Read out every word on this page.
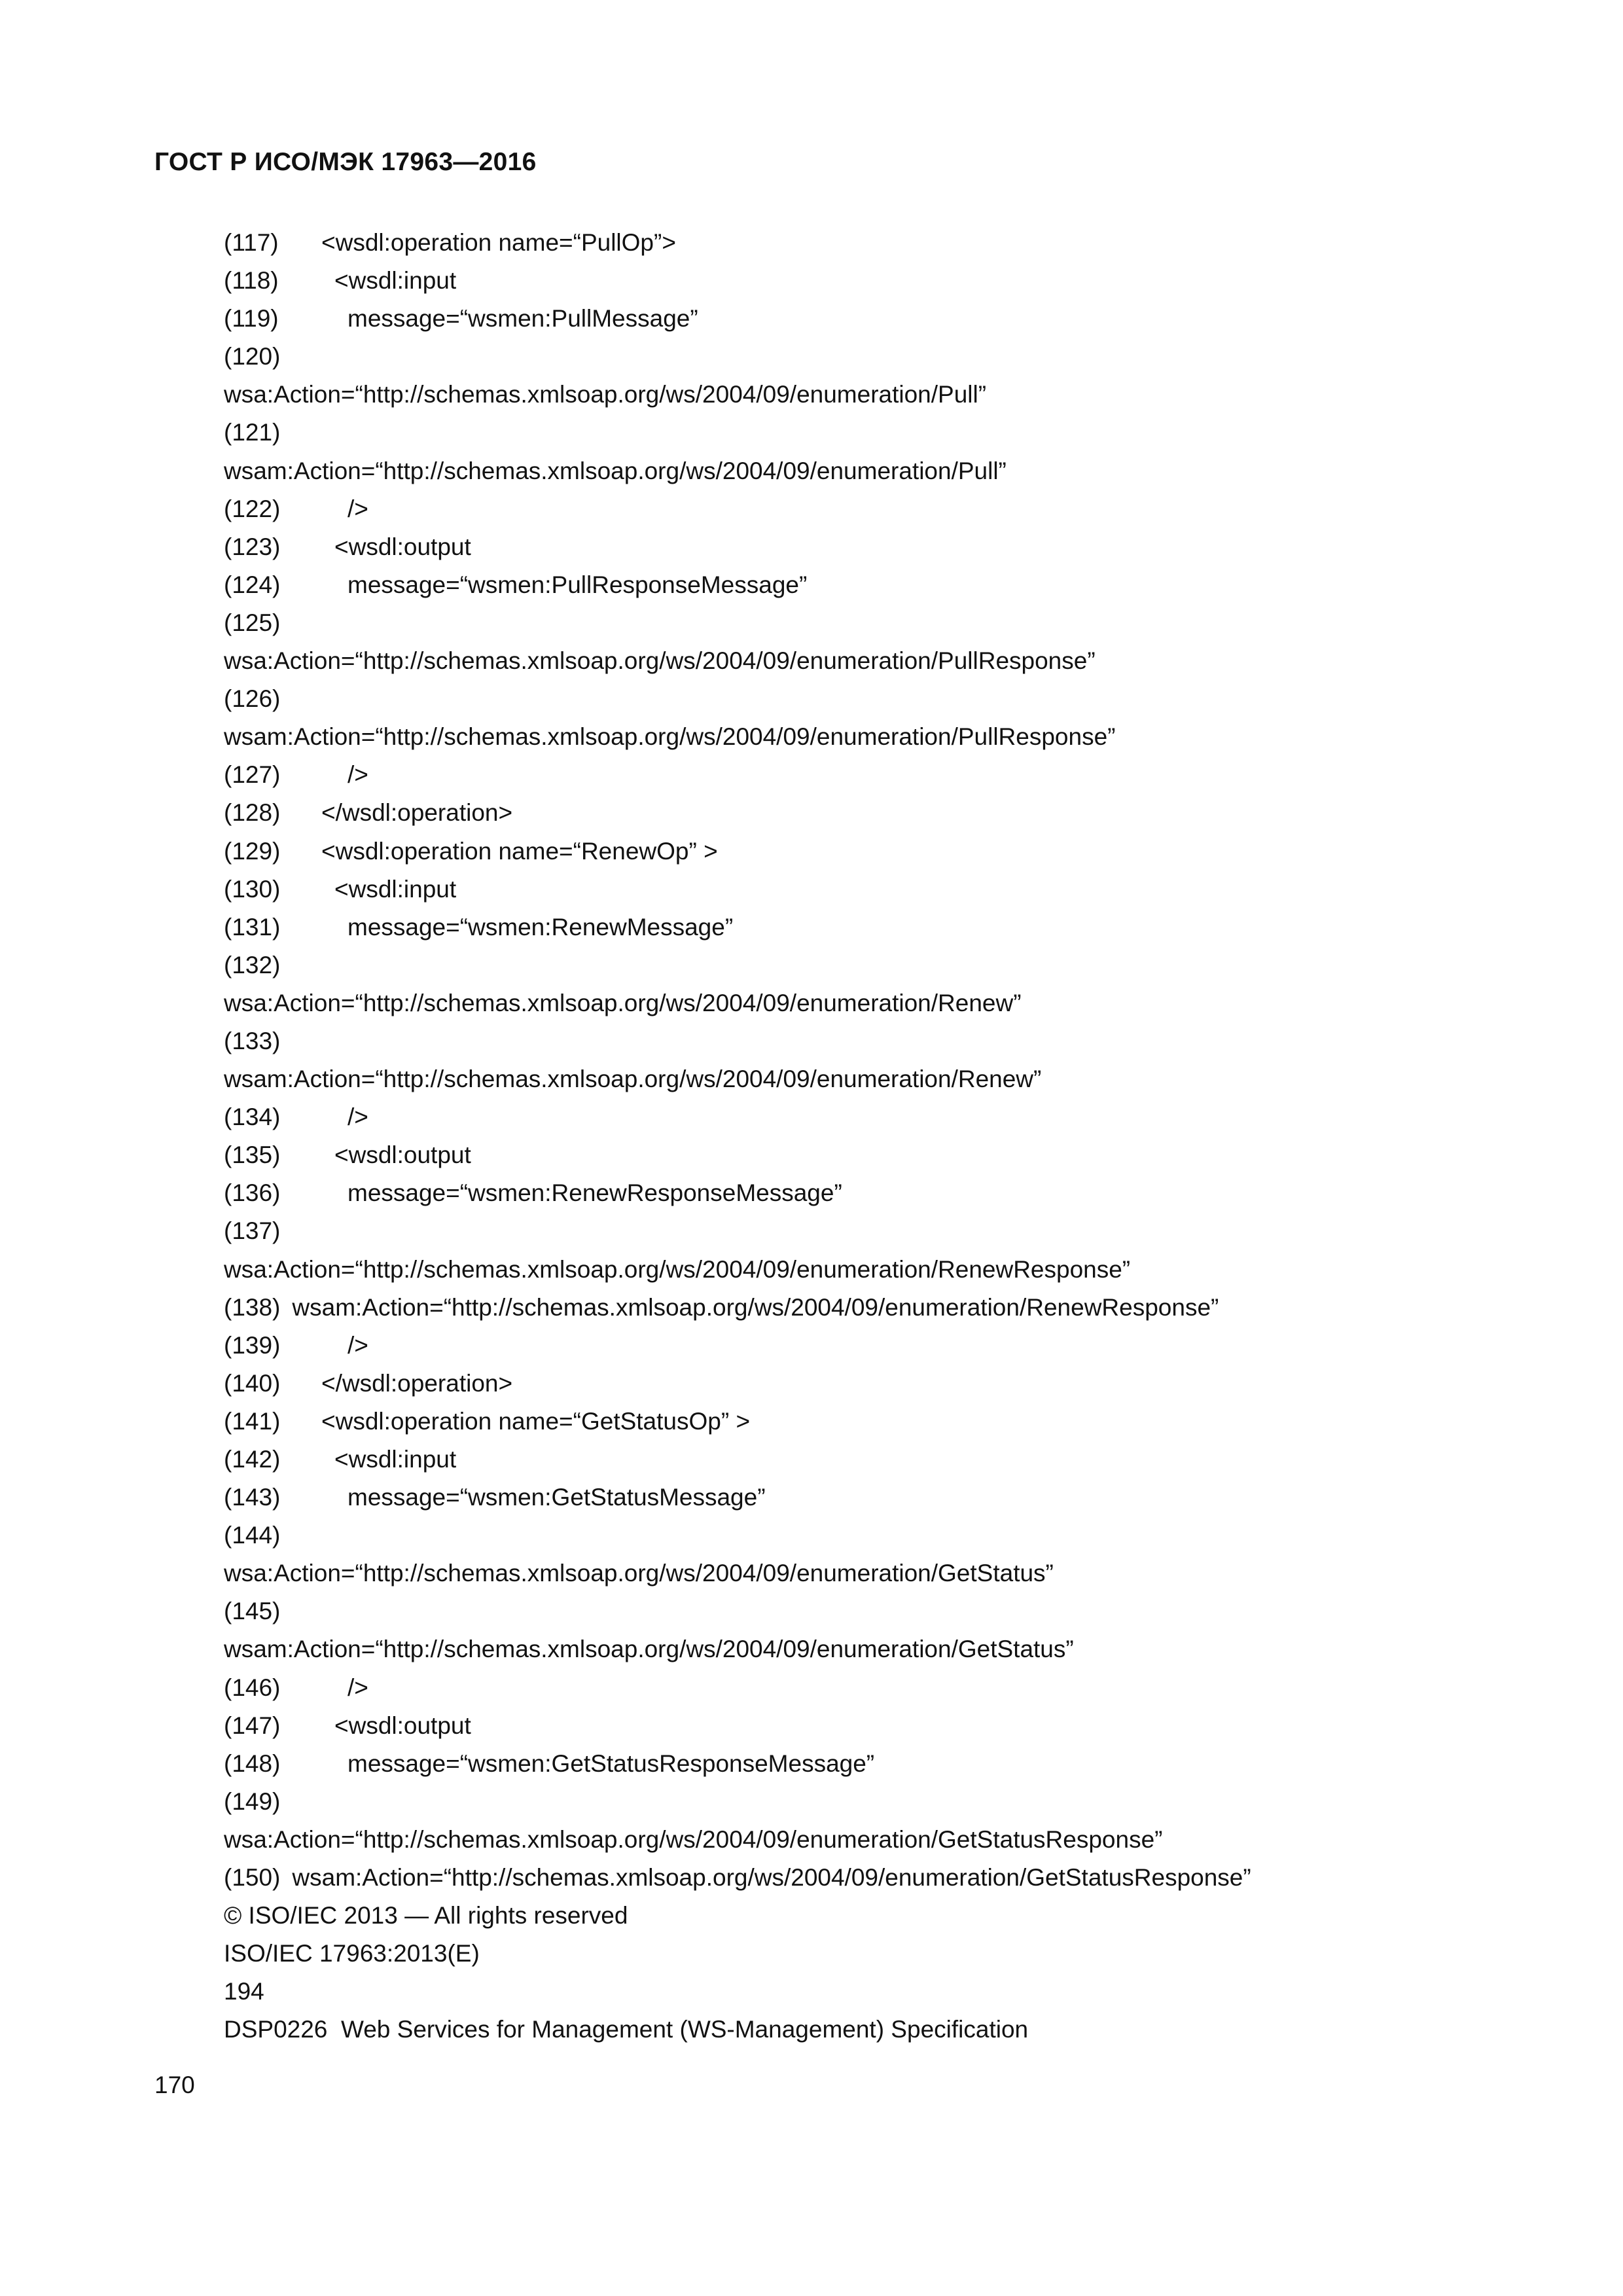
ГОСТ Р ИСО/МЭК 17963—2016
(117) <wsdl:operation name=“PullOp”>
(118) <wsdl:input
(119)	message=“wsmen:PullMessage”
(120)
wsa:Action=“http://schemas.xmlsoap.org/ws/2004/09/enumeration/Pull”
(121)
wsam:Action=“http://schemas.xmlsoap.org/ws/2004/09/enumeration/Pull”
(122)	/>
(123) <wsdl:output
(124)	message=“wsmen:PullResponseMessage”
(125)
wsa:Action=“http://schemas.xmlsoap.org/ws/2004/09/enumeration/PullResponse”
(126)
wsam:Action=“http://schemas.xmlsoap.org/ws/2004/09/enumeration/PullResponse”
(127)	/>
(128) </wsdl:operation>
(129) <wsdl:operation name=“RenewOp” >
(130) <wsdl:input
(131)	message=“wsmen:RenewMessage”
(132)
wsa:Action=“http://schemas.xmlsoap.org/ws/2004/09/enumeration/Renew”
(133)
wsam:Action=“http://schemas.xmlsoap.org/ws/2004/09/enumeration/Renew”
(134)	/>
(135) <wsdl:output
(136)	message=“wsmen:RenewResponseMessage”
(137)
wsa:Action=“http://schemas.xmlsoap.org/ws/2004/09/enumeration/RenewResponse”
(138) wsam:Action=“http://schemas.xmlsoap.org/ws/2004/09/enumeration/RenewResponse”
(139)	/>
(140) </wsdl:operation>
(141) <wsdl:operation name=“GetStatusOp” >
(142) <wsdl:input
(143)	message=“wsmen:GetStatusMessage”
(144)
wsa:Action=“http://schemas.xmlsoap.org/ws/2004/09/enumeration/GetStatus”
(145)
wsam:Action=“http://schemas.xmlsoap.org/ws/2004/09/enumeration/GetStatus”
(146)	/>
(147) <wsdl:output
(148)	message=“wsmen:GetStatusResponseMessage”
(149)
wsa:Action=“http://schemas.xmlsoap.org/ws/2004/09/enumeration/GetStatusResponse”
(150) wsam:Action=“http://schemas.xmlsoap.org/ws/2004/09/enumeration/GetStatusResponse”
© ISO/IEC 2013 — All rights reserved
ISO/IEC 17963:2013(E)
194
DSP0226  Web Services for Management (WS-Management) Specification
170
